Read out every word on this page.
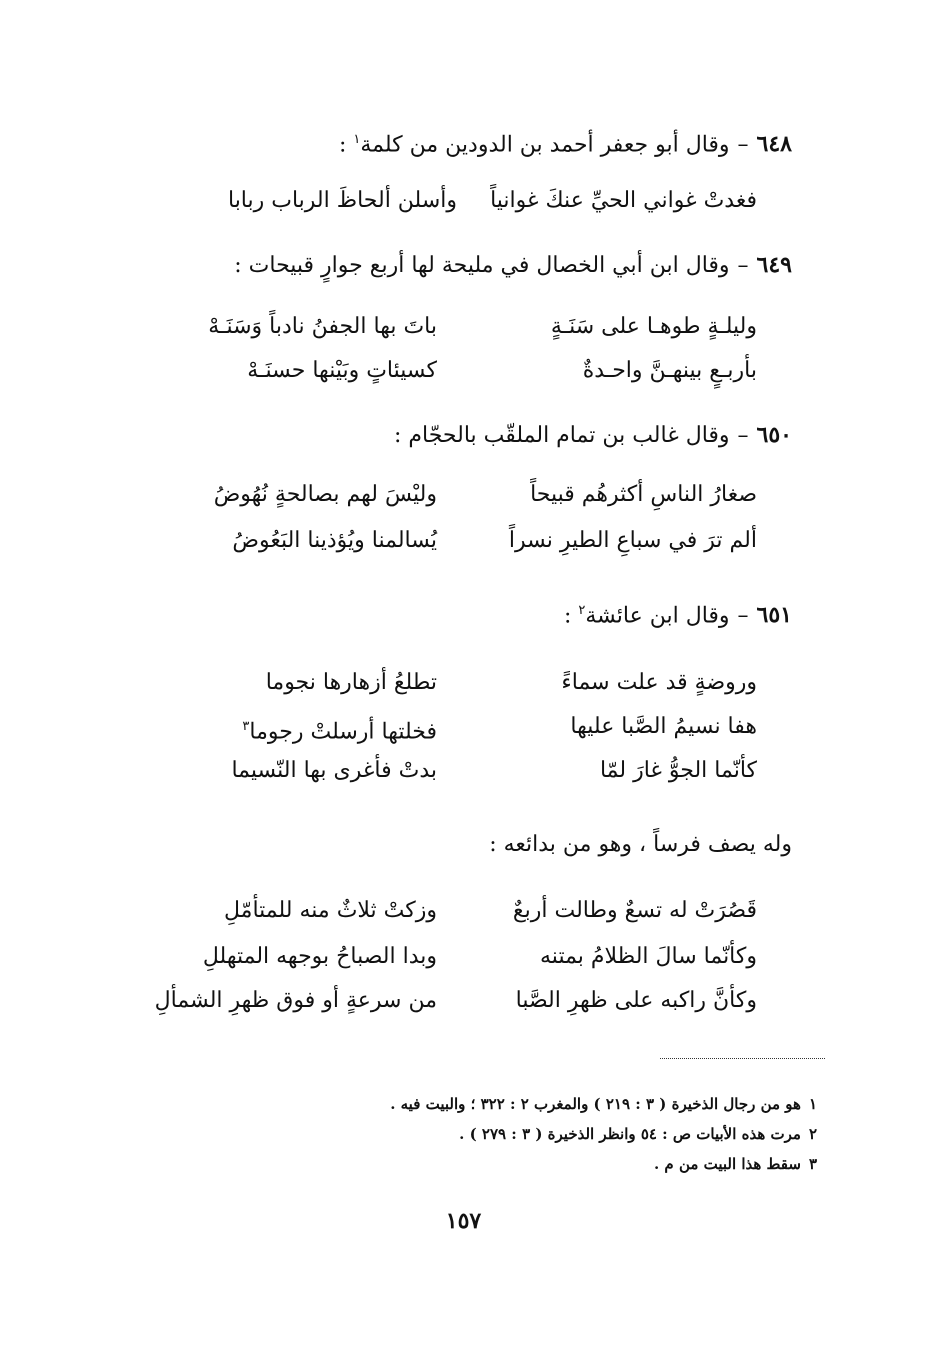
٦٤٨–وقال أبو جعفر أحمد بن الدودين من كلمة$^١$ :
فغدتْ غواني الحيِّ عنكَ غوانياً
وأسلن ألحاظَ الرباب ربابا
٦٤٩–وقال ابن أبي الخصال في مليحة لها أربع جوارٍ قبيحات :
وليلـةٍ طوهـا على سَنَـةٍ
باتَ بها الجفنُ نادباً وَسَنَـهْ
بأربـعٍ بينهـنَّ واحـدةٌ
كسيئاتٍ وبَيْنها حسنَـهْ
٦٥٠–وقال غالب بن تمام الملقّب بالحجّام :
صغارُ الناسِ أكثرهُم قبيحاً
وليْسَ لهم بصالحةٍ نُهُوضُ
ألم ترَ في سباعِ الطيرِ نسراً
يُسالمنا ويُؤذينا البَعُوضُ
٦٥١–وقال ابن عائشة$^٢$ :
وروضةٍ قد علت سماءً
تطلعُ أزهارها نجوما
هفا نسيمُ الصَّبا عليها
فخلتها أرسلتْ رجوما$^٣$
كأنّما الجوُّ غارَ لمّا
بدتْ فأغرى بها النّسيما
وله يصف فرساً ، وهو من بدائعه :
قَصُرَتْ له تسعٌ وطالت أربعٌ
وزكتْ ثلاثٌ منه للمتأمّلِ
وكأنّما سالَ الظلامُ بمتنه
وبدا الصباحُ بوجهه المتهللِ
وكأنَّ راكبه على ظهرِ الصَّبا
من سرعةٍ أو فوق ظهرِ الشمألِ
١هو من رجال الذخيرة ( ٣ : ٢١٩ ) والمغرب ٢ : ٣٢٢ ؛ والبيت فيه .
٢مرت هذه الأبيات ص : ٥٤ وانظر الذخيرة ( ٣ : ٢٧٩ ) .
٣سقط هذا البيت من م .
١٥٧
